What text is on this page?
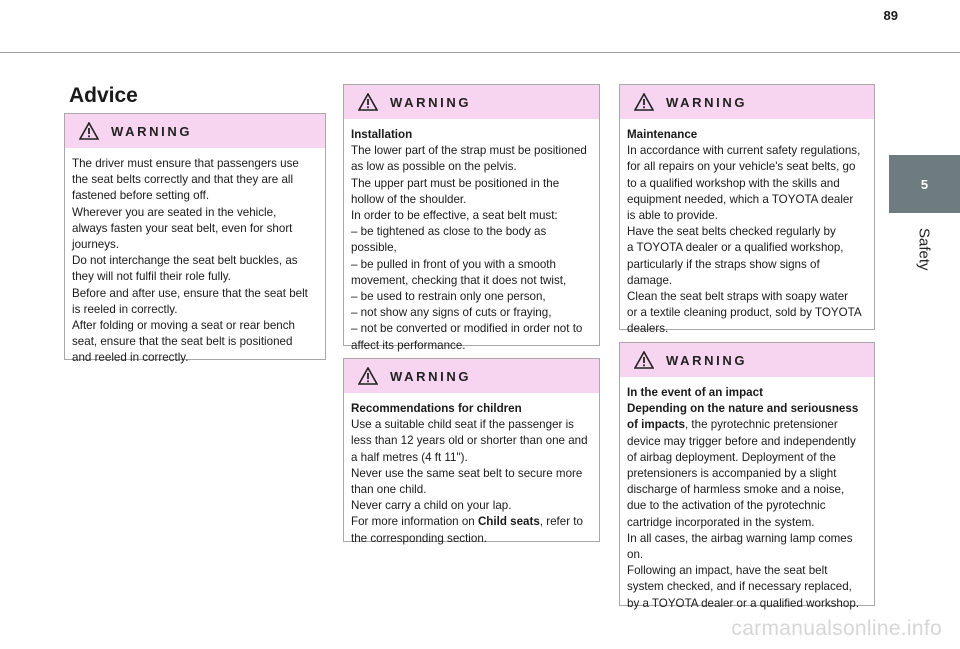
89
5
Safety
Advice
WARNING

The driver must ensure that passengers use

the seat belts correctly and that they are all

fastened before setting off.

Wherever you are seated in the vehicle,

always fasten your seat belt, even for short

journeys.

Do not interchange the seat belt buckles, as

they will not fulfil their role fully.

Before and after use, ensure that the seat belt

is reeled in correctly.

After folding or moving a seat or rear bench

seat, ensure that the seat belt is positioned

and reeled in correctly.

WARNING

Installation

The lower part of the strap must be positioned

as low as possible on the pelvis.

The upper part must be positioned in the

hollow of the shoulder.

In order to be effective, a seat belt must:

– be tightened as close to the body as

possible,

– be pulled in front of you with a smooth

movement, checking that it does not twist,

– be used to restrain only one person,

– not show any signs of cuts or fraying,

– not be converted or modified in order not to

affect its performance.

WARNING

Recommendations for children

Use a suitable child seat if the passenger is

less than 12 years old or shorter than one and

a half metres (4 ft 11").

Never use the same seat belt to secure more

than one child.

Never carry a child on your lap.

For more information on Child seats, refer to

the corresponding section.

WARNING

Maintenance

In accordance with current safety regulations,

for all repairs on your vehicle's seat belts, go

to a qualified workshop with the skills and

equipment needed, which a TOYOTA dealer

is able to provide.

Have the seat belts checked regularly by

a TOYOTA dealer or a qualified workshop,

particularly if the straps show signs of

damage.

Clean the seat belt straps with soapy water

or a textile cleaning product, sold by TOYOTA

dealers.

WARNING

In the event of an impact

Depending on the nature and seriousness

of impacts, the pyrotechnic pretensioner

device may trigger before and independently

of airbag deployment. Deployment of the

pretensioners is accompanied by a slight

discharge of harmless smoke and a noise,

due to the activation of the pyrotechnic

cartridge incorporated in the system.

In all cases, the airbag warning lamp comes

on.

Following an impact, have the seat belt

system checked, and if necessary replaced,

by a TOYOTA dealer or a qualified workshop.

carmanualsonline.info
